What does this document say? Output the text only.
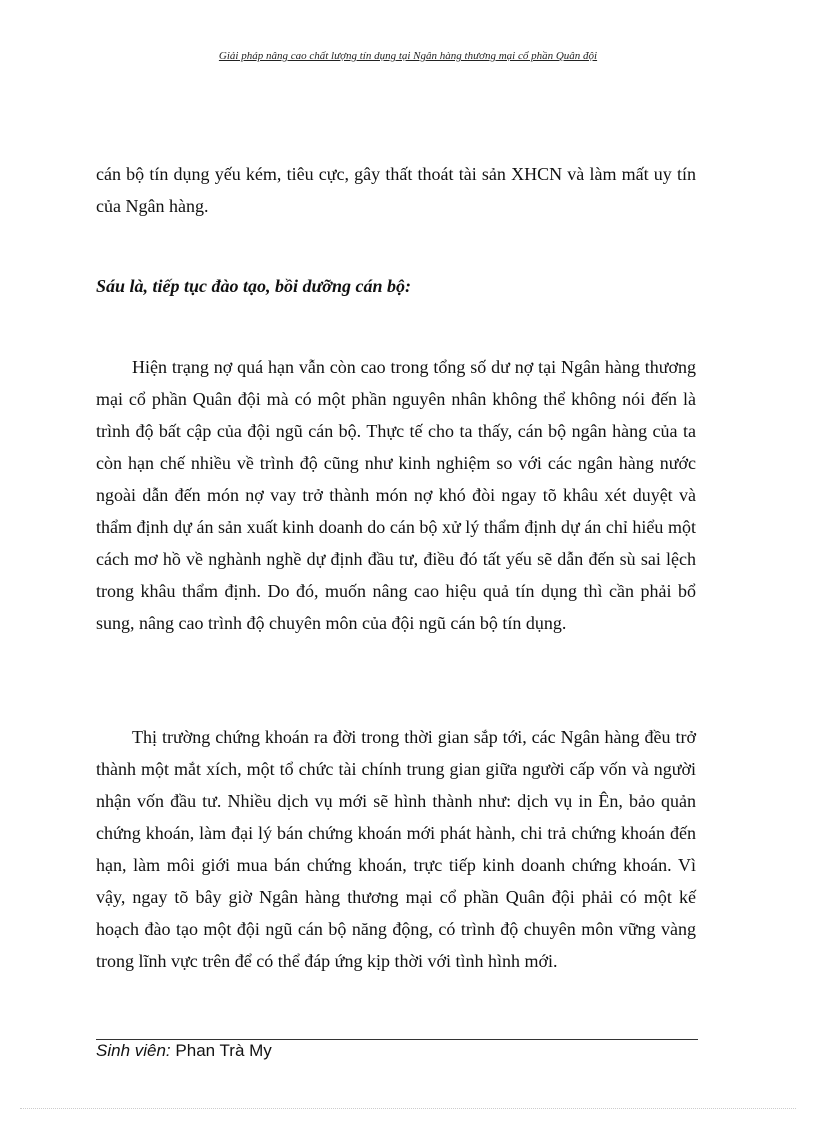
Giải pháp nâng cao chất lượng tín dụng tại Ngân hàng thương mại cổ phần Quân đội

cán bộ tín dụng yếu kém, tiêu cực, gây thất thoát tài sản XHCN và làm mất uy tín của Ngân hàng.

Sáu là, tiếp tục đào tạo, bồi dưỡng cán bộ:

Hiện trạng nợ quá hạn vẫn còn cao trong tổng số dư nợ tại Ngân hàng thương mại cổ phần Quân đội mà có một phần nguyên nhân không thể không nói đến là trình độ bất cập của đội ngũ cán bộ. Thực tế cho ta thấy, cán bộ ngân hàng của ta còn hạn chế nhiều về trình độ cũng như kinh nghiệm so với các ngân hàng nước ngoài dẫn đến món nợ vay trở thành món nợ khó đòi ngay tõ khâu xét duyệt và thẩm định dự án sản xuất kinh doanh do cán bộ xử lý thẩm định dự án chỉ hiểu một cách mơ hồ về nghành nghề dự định đầu tư, điều đó tất yếu sẽ dẫn đến sù sai lệch trong khâu thẩm định. Do đó, muốn nâng cao hiệu quả tín dụng thì cần phải bổ sung, nâng cao trình độ chuyên môn của đội ngũ cán bộ tín dụng.

Thị trường chứng khoán ra đời trong thời gian sắp tới, các Ngân hàng đều trở thành một mắt xích, một tổ chức tài chính trung gian giữa người cấp vốn và người nhận vốn đầu tư. Nhiều dịch vụ mới sẽ hình thành như: dịch vụ in Ên, bảo quản chứng khoán, làm đại lý bán chứng khoán mới phát hành, chi trả chứng khoán đến hạn, làm môi giới mua bán chứng khoán, trực tiếp kinh doanh chứng khoán. Vì vậy, ngay tõ bây giờ Ngân hàng thương mại cổ phần Quân đội phải có một kế hoạch đào tạo một đội ngũ cán bộ năng động, có trình độ chuyên môn vững vàng trong lĩnh vực trên để có thể đáp ứng kịp thời với tình hình mới.

Sinh viên: Phan Trà My
